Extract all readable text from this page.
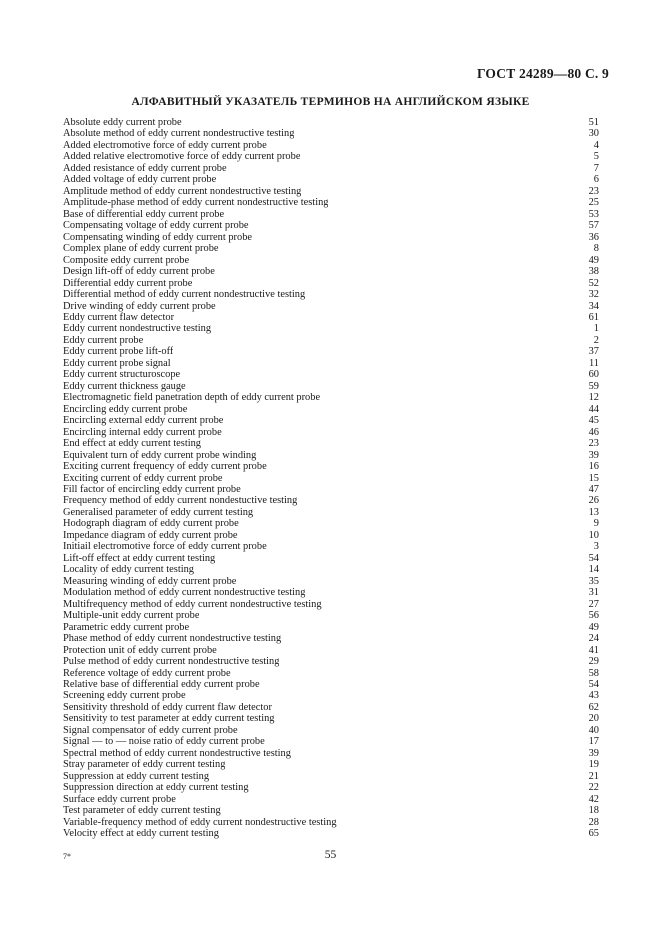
ГОСТ 24289—80 С. 9
АЛФАВИТНЫЙ УКАЗАТЕЛЬ ТЕРМИНОВ НА АНГЛИЙСКОМ ЯЗЫКЕ
Absolute eddy current probe	51
Absolute method of eddy current nondestructive testing	30
Added electromotive force of eddy current probe	4
Added relative electromotive force of eddy current probe	5
Added resistance of eddy current probe	7
Added voltage of eddy current probe	6
Amplitude method of eddy current nondestructive testing	23
Amplitude-phase method of eddy current nondestructive testing	25
Base of differential eddy current probe	53
Compensating voltage of eddy current probe	57
Compensating winding of eddy current probe	36
Complex plane of eddy current probe	8
Composite eddy current probe	49
Design lift-off of eddy current probe	38
Differential eddy current probe	52
Differential method of eddy current nondestructive testing	32
Drive winding of eddy current probe	34
Eddy current flaw detector	61
Eddy current nondestructive testing	1
Eddy current probe	2
Eddy current probe lift-off	37
Eddy current probe signal	11
Eddy current structuroscope	60
Eddy current thickness gauge	59
Electromagnetic field panetration depth of eddy current probe	12
Encircling eddy current probe	44
Encircling external eddy current probe	45
Encircling internal eddy current probe	46
End effect at eddy current testing	23
Equivalent turn of eddy current probe winding	39
Exciting current frequency of eddy current probe	16
Exciting current of eddy current probe	15
Fill factor of encircling eddy current probe	47
Frequency method of eddy current nondestuctive testing	26
Generalised parameter of eddy current testing	13
Hodograph diagram of eddy current probe	9
Impedance diagram of eddy current probe	10
Initiail electromotive force of eddy current probe	3
Lift-off effect at eddy current testing	54
Locality of eddy current testing	14
Measuring winding of eddy current probe	35
Modulation method of eddy current nondestructive testing	31
Multifrequency method of eddy current nondestructive testing	27
Multiple-unit eddy current probe	56
Parametric eddy current probe	49
Phase method of eddy current nondestructive testing	24
Protection unit of eddy current probe	41
Pulse method of eddy current nondestructive testing	29
Reference voltage of eddy current probe	58
Relative base of differential eddy current probe	54
Screening eddy current probe	43
Sensitivity threshold of eddy current flaw detector	62
Sensitivity to test parameter at eddy current testing	20
Signal compensator of eddy current probe	40
Signal — to — noise ratio of eddy current probe	17
Spectral method of eddy current nondestructive testing	39
Stray parameter of eddy current testing	19
Suppression at eddy current testing	21
Suppression direction at eddy current testing	22
Surface eddy current probe	42
Test parameter of eddy current testing	18
Variable-frequency method of eddy current nondestructive testing	28
Velocity effect at eddy current testing	65
7*	55
